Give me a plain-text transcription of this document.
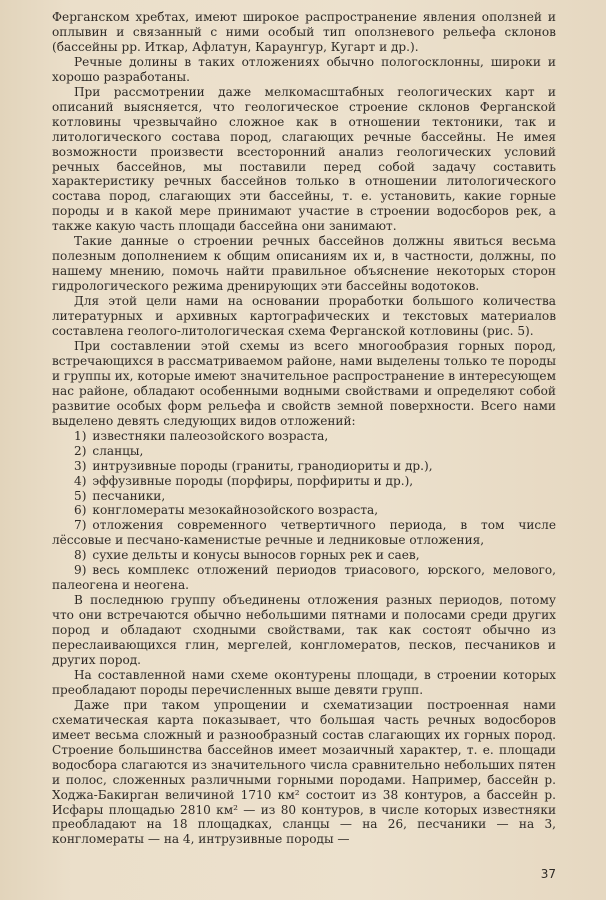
Ферганском хребтах, имеют широкое распространение явления оползней и оплывин и связанный с ними особый тип оползневого рельефа склонов (бассейны рр. Иткар, Афлатун, Караунгур, Кугарт и др.).

Речные долины в таких отложениях обычно пологосклонны, широки и хорошо разработаны.

При рассмотрении даже мелкомасштабных геологических карт и описаний выясняется, что геологическое строение склонов Ферганской котловины чрезвычайно сложное как в отношении тектоники, так и литологического состава пород, слагающих речные бассейны. Не имея возможности произвести всесторонний анализ геологических условий речных бассейнов, мы поставили перед собой задачу составить характеристику речных бассейнов только в отношении литологического состава пород, слагающих эти бассейны, т. е. установить, какие горные породы и в какой мере принимают участие в строении водосборов рек, а также какую часть площади бассейна они занимают.

Такие данные о строении речных бассейнов должны явиться весьма полезным дополнением к общим описаниям их и, в частности, должны, по нашему мнению, помочь найти правильное объяснение некоторых сторон гидрологического режима дренирующих эти бассейны водотоков.

Для этой цели нами на основании проработки большого количества литературных и архивных картографических и текстовых материалов составлена геолого-литологическая схема Ферганской котловины (рис. 5).

При составлении этой схемы из всего многообразия горных пород, встречающихся в рассматриваемом районе, нами выделены только те породы и группы их, которые имеют значительное распространение в интересующем нас районе, обладают особенными водными свойствами и определяют собой развитие особых форм рельефа и свойств земной поверхности. Всего нами выделено девять следующих видов отложений:

1) известняки палеозойского возраста,
2) сланцы,
3) интрузивные породы (граниты, гранодиориты и др.),
4) эффузивные породы (порфиры, порфириты и др.),
5) песчаники,
6) конгломераты мезокайнозойского возраста,
7) отложения современного четвертичного периода, в том числе лёссовые и песчано-каменистые речные и ледниковые отложения,
8) сухие дельты и конусы выносов горных рек и саев,
9) весь комплекс отложений периодов триасового, юрского, мелового, палеогена и неогена.

В последнюю группу объединены отложения разных периодов, потому что они встречаются обычно небольшими пятнами и полосами среди других пород и обладают сходными свойствами, так как состоят обычно из переслаивающихся глин, мергелей, конгломератов, песков, песчаников и других пород.

На составленной нами схеме оконтурены площади, в строении которых преобладают породы перечисленных выше девяти групп.

Даже при таком упрощении и схематизации построенная нами схематическая карта показывает, что большая часть речных водосборов имеет весьма сложный и разнообразный состав слагающих их горных пород. Строение большинства бассейнов имеет мозаичный характер, т. е. площади водосбора слагаются из значительного числа сравнительно небольших пятен и полос, сложенных различными горными породами. Например, бассейн р. Ходжа-Бакирган величиной 1710 км² состоит из 38 контуров, а бассейн р. Исфары площадью 2810 км² — из 80 контуров, в числе которых известняки преобладают на 18 площадках, сланцы — на 26, песчаники — на 3, конгломераты — на 4, интрузивные породы —

37
